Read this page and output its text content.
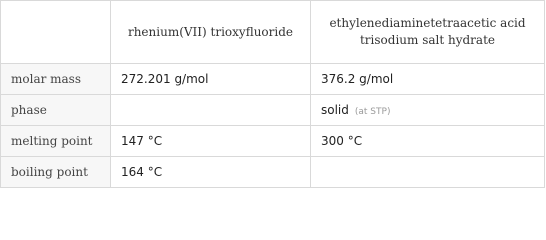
	rhenium(VII) trioxyfluoride	ethylenediaminetetraacetic acid trisodium salt hydrate
molar mass	272.201 g/mol	376.2 g/mol
phase		solid (at STP)
melting point	147 °C	300 °C
boiling point	164 °C	
